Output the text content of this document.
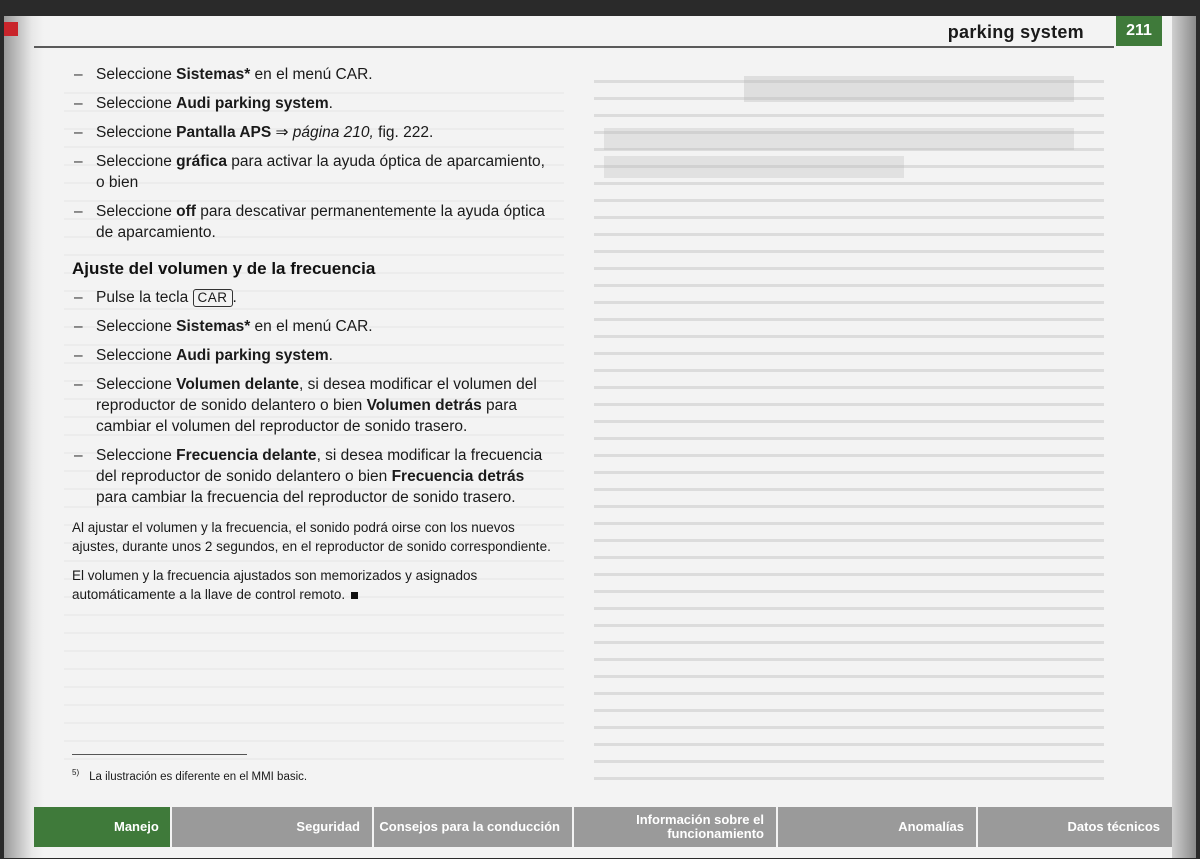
parking system	211
– Seleccione Sistemas* en el menú CAR.
– Seleccione Audi parking system.
– Seleccione Pantalla APS ⇒ página 210, fig. 222.
– Seleccione gráfica para activar la ayuda óptica de aparcamiento, o bien
– Seleccione off para descativar permanentemente la ayuda óptica de aparcamiento.
Ajuste del volumen y de la frecuencia
– Pulse la tecla CAR .
– Seleccione Sistemas* en el menú CAR.
– Seleccione Audi parking system.
– Seleccione Volumen delante, si desea modificar el volumen del reproductor de sonido delantero o bien Volumen detrás para cambiar el volumen del reproductor de sonido trasero.
– Seleccione Frecuencia delante, si desea modificar la frecuencia del reproductor de sonido delantero o bien Frecuencia detrás para cambiar la frecuencia del reproductor de sonido trasero.

Al ajustar el volumen y la frecuencia, el sonido podrá oirse con los nuevos ajustes, durante unos 2 segundos, en el reproductor de sonido correspondiente.

El volumen y la frecuencia ajustados son memorizados y asignados automáticamente a la llave de control remoto.

$^{5)}$ La ilustración es diferente en el MMI basic.
Manejo	Seguridad	Consejos para la conducción	Información sobre el funcionamiento	Anomalías	Datos técnicos
